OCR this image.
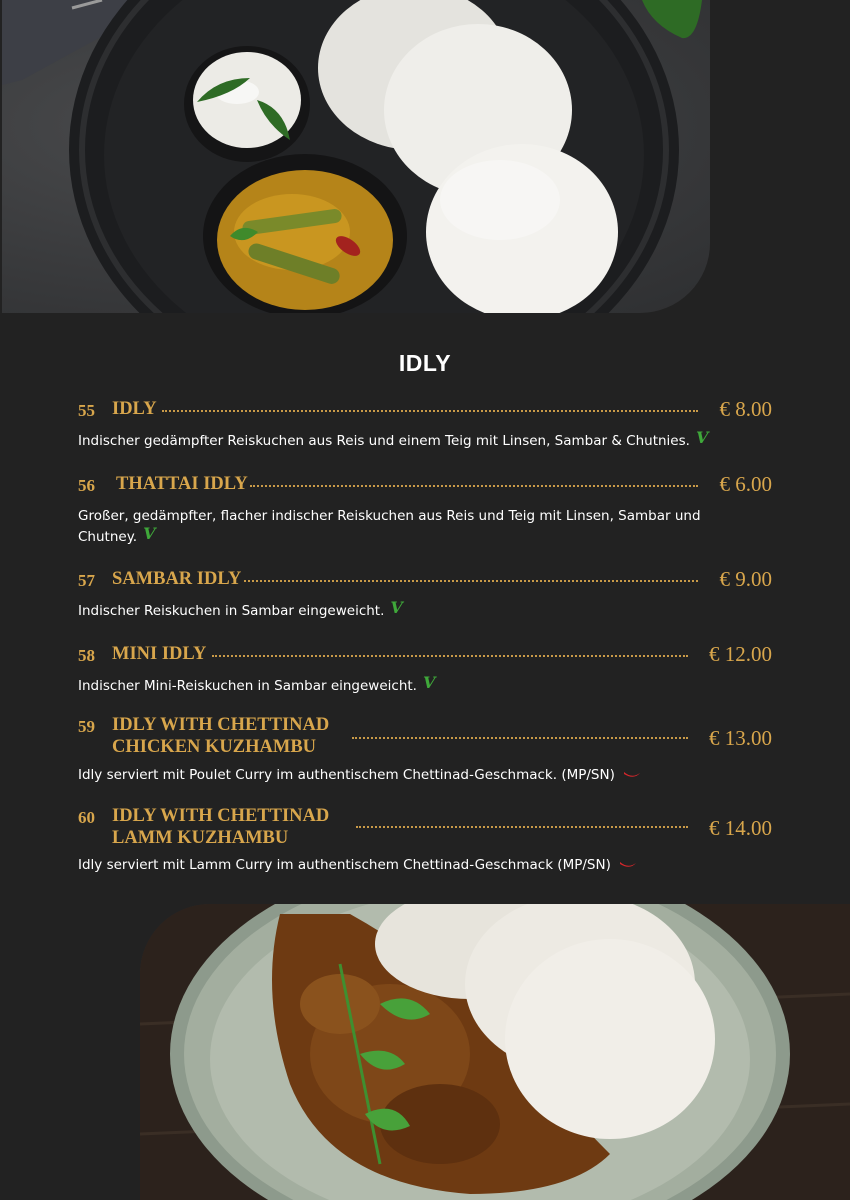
IDLY
55 IDLY	€ 8.00
Indischer gedämpfter Reiskuchen aus Reis und einem Teig mit Linsen, Sambar & Chutnies. V
56 THATTAI IDLY	€ 6.00
Großer, gedämpfter, flacher indischer Reiskuchen aus Reis und Teig mit Linsen, Sambar und
Chutney. V
57 SAMBAR IDLY	€ 9.00
Indischer Reiskuchen in Sambar eingeweicht. V
58 MINI IDLY	€ 12.00
Indischer Mini-Reiskuchen in Sambar eingeweicht. V
59 IDLY WITH CHETTINAD
CHICKEN KUZHAMBU	€ 13.00
Idly serviert mit Poulet Curry im authentischem Chettinad-Geschmack. (MP/SN)
60 IDLY WITH CHETTINAD
LAMM KUZHAMBU	€ 14.00
Idly serviert mit Lamm Curry im authentischem Chettinad-Geschmack (MP/SN)
